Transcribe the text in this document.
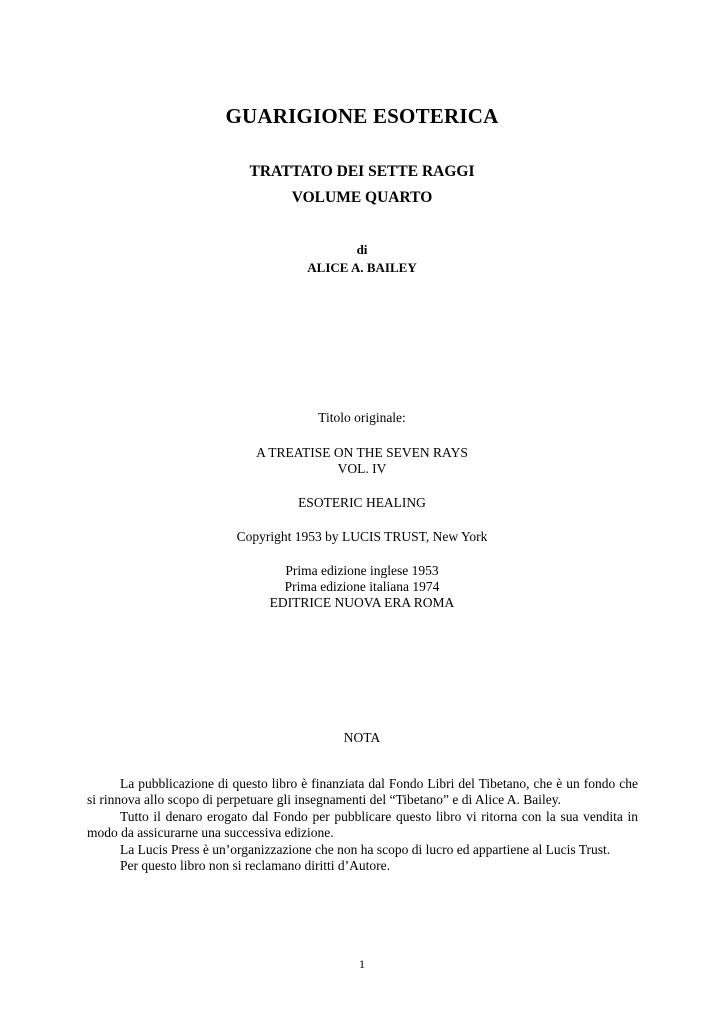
GUARIGIONE ESOTERICA
TRATTATO DEI SETTE RAGGI
VOLUME QUARTO
di
ALICE A. BAILEY
Titolo originale:
A TREATISE ON THE SEVEN RAYS
VOL. IV
ESOTERIC HEALING
Copyright 1953 by LUCIS TRUST, New York
Prima edizione inglese 1953
Prima edizione italiana 1974
EDITRICE NUOVA ERA ROMA
NOTA

La pubblicazione di questo libro è finanziata dal Fondo Libri del Tibetano, che è un fondo che si rinnova allo scopo di perpetuare gli insegnamenti del “Tibetano” e di Alice A. Bailey.

Tutto il denaro erogato dal Fondo per pubblicare questo libro vi ritorna con la sua vendita in modo da assicurarne una successiva edizione.

La Lucis Press è un’organizzazione che non ha scopo di lucro ed appartiene al Lucis Trust.

Per questo libro non si reclamano diritti d’Autore.

1
